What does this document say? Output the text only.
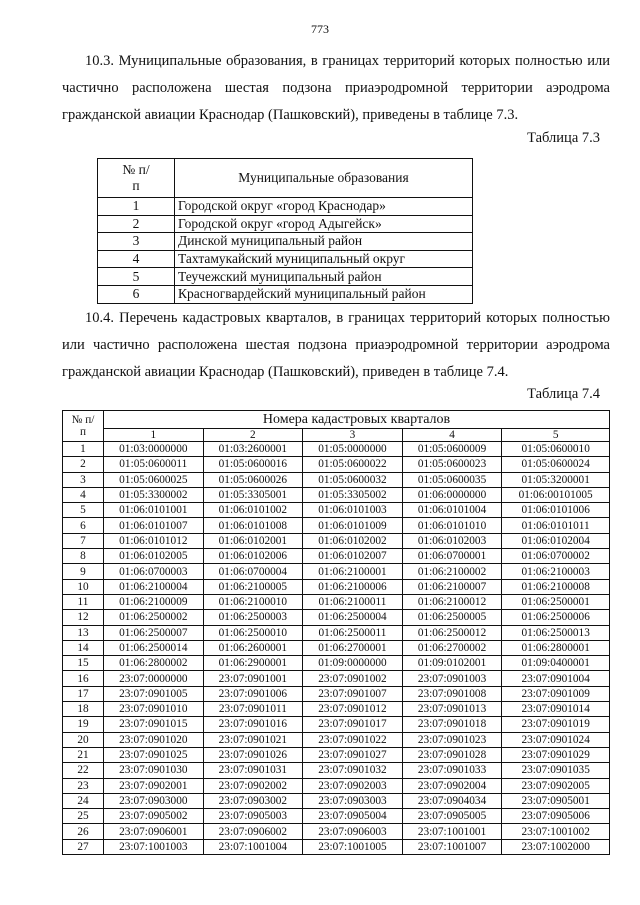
773

10.3. Муниципальные образования, в границах территорий которых полностью или частично расположена шестая подзона приаэродромной территории аэродрома гражданской авиации Краснодар (Пашковский), приведены в таблице 7.3.

Таблица 7.3
№ п/п	Муниципальные образования
1	Городской округ «город Краснодар»
2	Городской округ «город Адыгейск»
3	Динской муниципальный район
4	Тахтамукайский муниципальный округ
5	Теучежский муниципальный район
6	Красногвардейский муниципальный район

10.4. Перечень кадастровых кварталов, в границах территорий которых полностью или частично расположена шестая подзона приаэродромной территории аэродрома гражданской авиации Краснодар (Пашковский), приведен в таблице 7.4.

Таблица 7.4
№ п/п	Номера кадастровых кварталов				
	1	2	3	4	5
1	01:03:0000000	01:03:2600001	01:05:0000000	01:05:0600009	01:05:0600010
2	01:05:0600011	01:05:0600016	01:05:0600022	01:05:0600023	01:05:0600024
3	01:05:0600025	01:05:0600026	01:05:0600032	01:05:0600035	01:05:3200001
4	01:05:3300002	01:05:3305001	01:05:3305002	01:06:0000000	01:06:00101005
5	01:06:0101001	01:06:0101002	01:06:0101003	01:06:0101004	01:06:0101006
6	01:06:0101007	01:06:0101008	01:06:0101009	01:06:0101010	01:06:0101011
7	01:06:0101012	01:06:0102001	01:06:0102002	01:06:0102003	01:06:0102004
8	01:06:0102005	01:06:0102006	01:06:0102007	01:06:0700001	01:06:0700002
9	01:06:0700003	01:06:0700004	01:06:2100001	01:06:2100002	01:06:2100003
10	01:06:2100004	01:06:2100005	01:06:2100006	01:06:2100007	01:06:2100008
11	01:06:2100009	01:06:2100010	01:06:2100011	01:06:2100012	01:06:2500001
12	01:06:2500002	01:06:2500003	01:06:2500004	01:06:2500005	01:06:2500006
13	01:06:2500007	01:06:2500010	01:06:2500011	01:06:2500012	01:06:2500013
14	01:06:2500014	01:06:2600001	01:06:2700001	01:06:2700002	01:06:2800001
15	01:06:2800002	01:06:2900001	01:09:0000000	01:09:0102001	01:09:0400001
16	23:07:0000000	23:07:0901001	23:07:0901002	23:07:0901003	23:07:0901004
17	23:07:0901005	23:07:0901006	23:07:0901007	23:07:0901008	23:07:0901009
18	23:07:0901010	23:07:0901011	23:07:0901012	23:07:0901013	23:07:0901014
19	23:07:0901015	23:07:0901016	23:07:0901017	23:07:0901018	23:07:0901019
20	23:07:0901020	23:07:0901021	23:07:0901022	23:07:0901023	23:07:0901024
21	23:07:0901025	23:07:0901026	23:07:0901027	23:07:0901028	23:07:0901029
22	23:07:0901030	23:07:0901031	23:07:0901032	23:07:0901033	23:07:0901035
23	23:07:0902001	23:07:0902002	23:07:0902003	23:07:0902004	23:07:0902005
24	23:07:0903000	23:07:0903002	23:07:0903003	23:07:0904034	23:07:0905001
25	23:07:0905002	23:07:0905003	23:07:0905004	23:07:0905005	23:07:0905006
26	23:07:0906001	23:07:0906002	23:07:0906003	23:07:1001001	23:07:1001002
27	23:07:1001003	23:07:1001004	23:07:1001005	23:07:1001007	23:07:1002000
